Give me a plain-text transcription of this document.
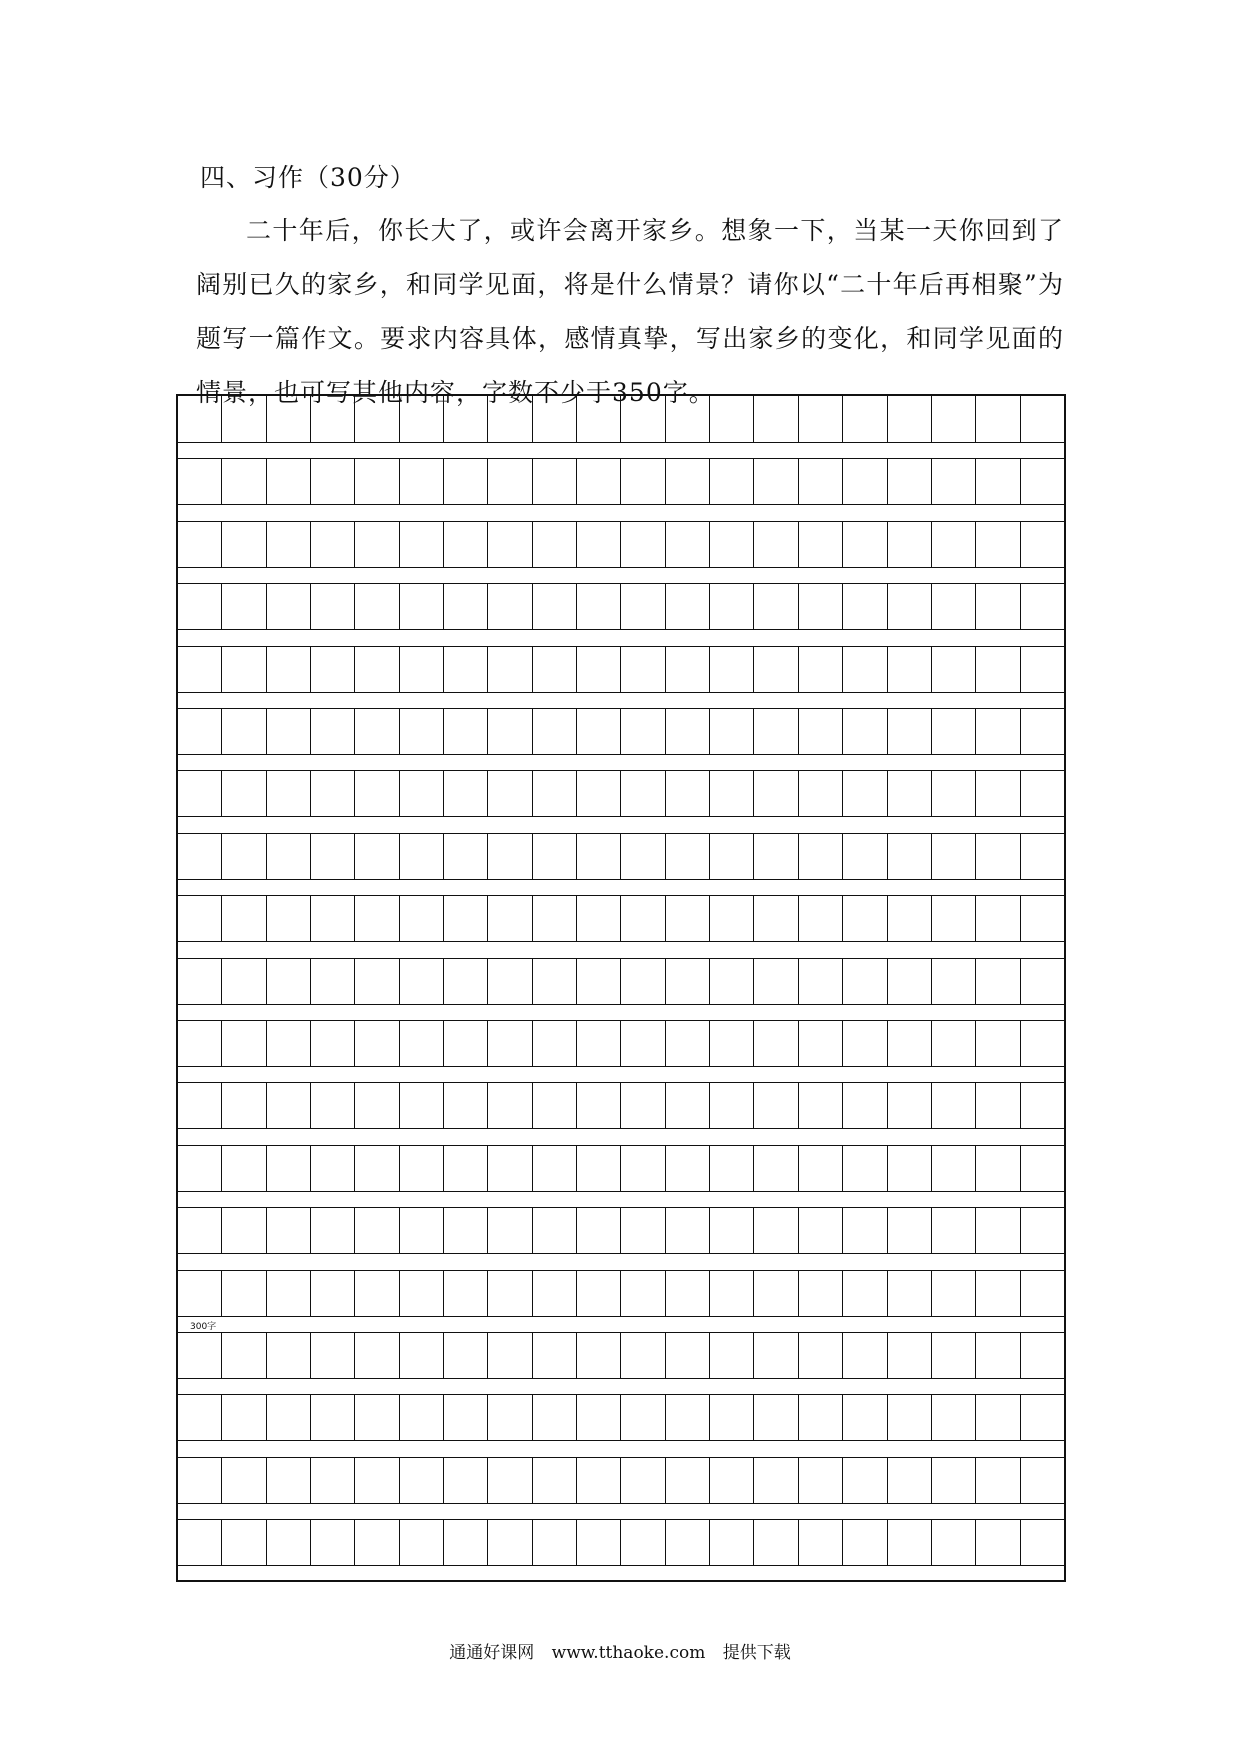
四、习作（30分）
二十年后，你长大了，或许会离开家乡。想象一下，当某一天你回到了阔别已久的家乡，和同学见面，将是什么情景？请你以“二十年后再相聚”为题写一篇作文。要求内容具体，感情真挚，写出家乡的变化，和同学见面的情景，也可写其他内容，字数不少于350字。
300字
通通好课网 www.tthaoke.com 提供下载
